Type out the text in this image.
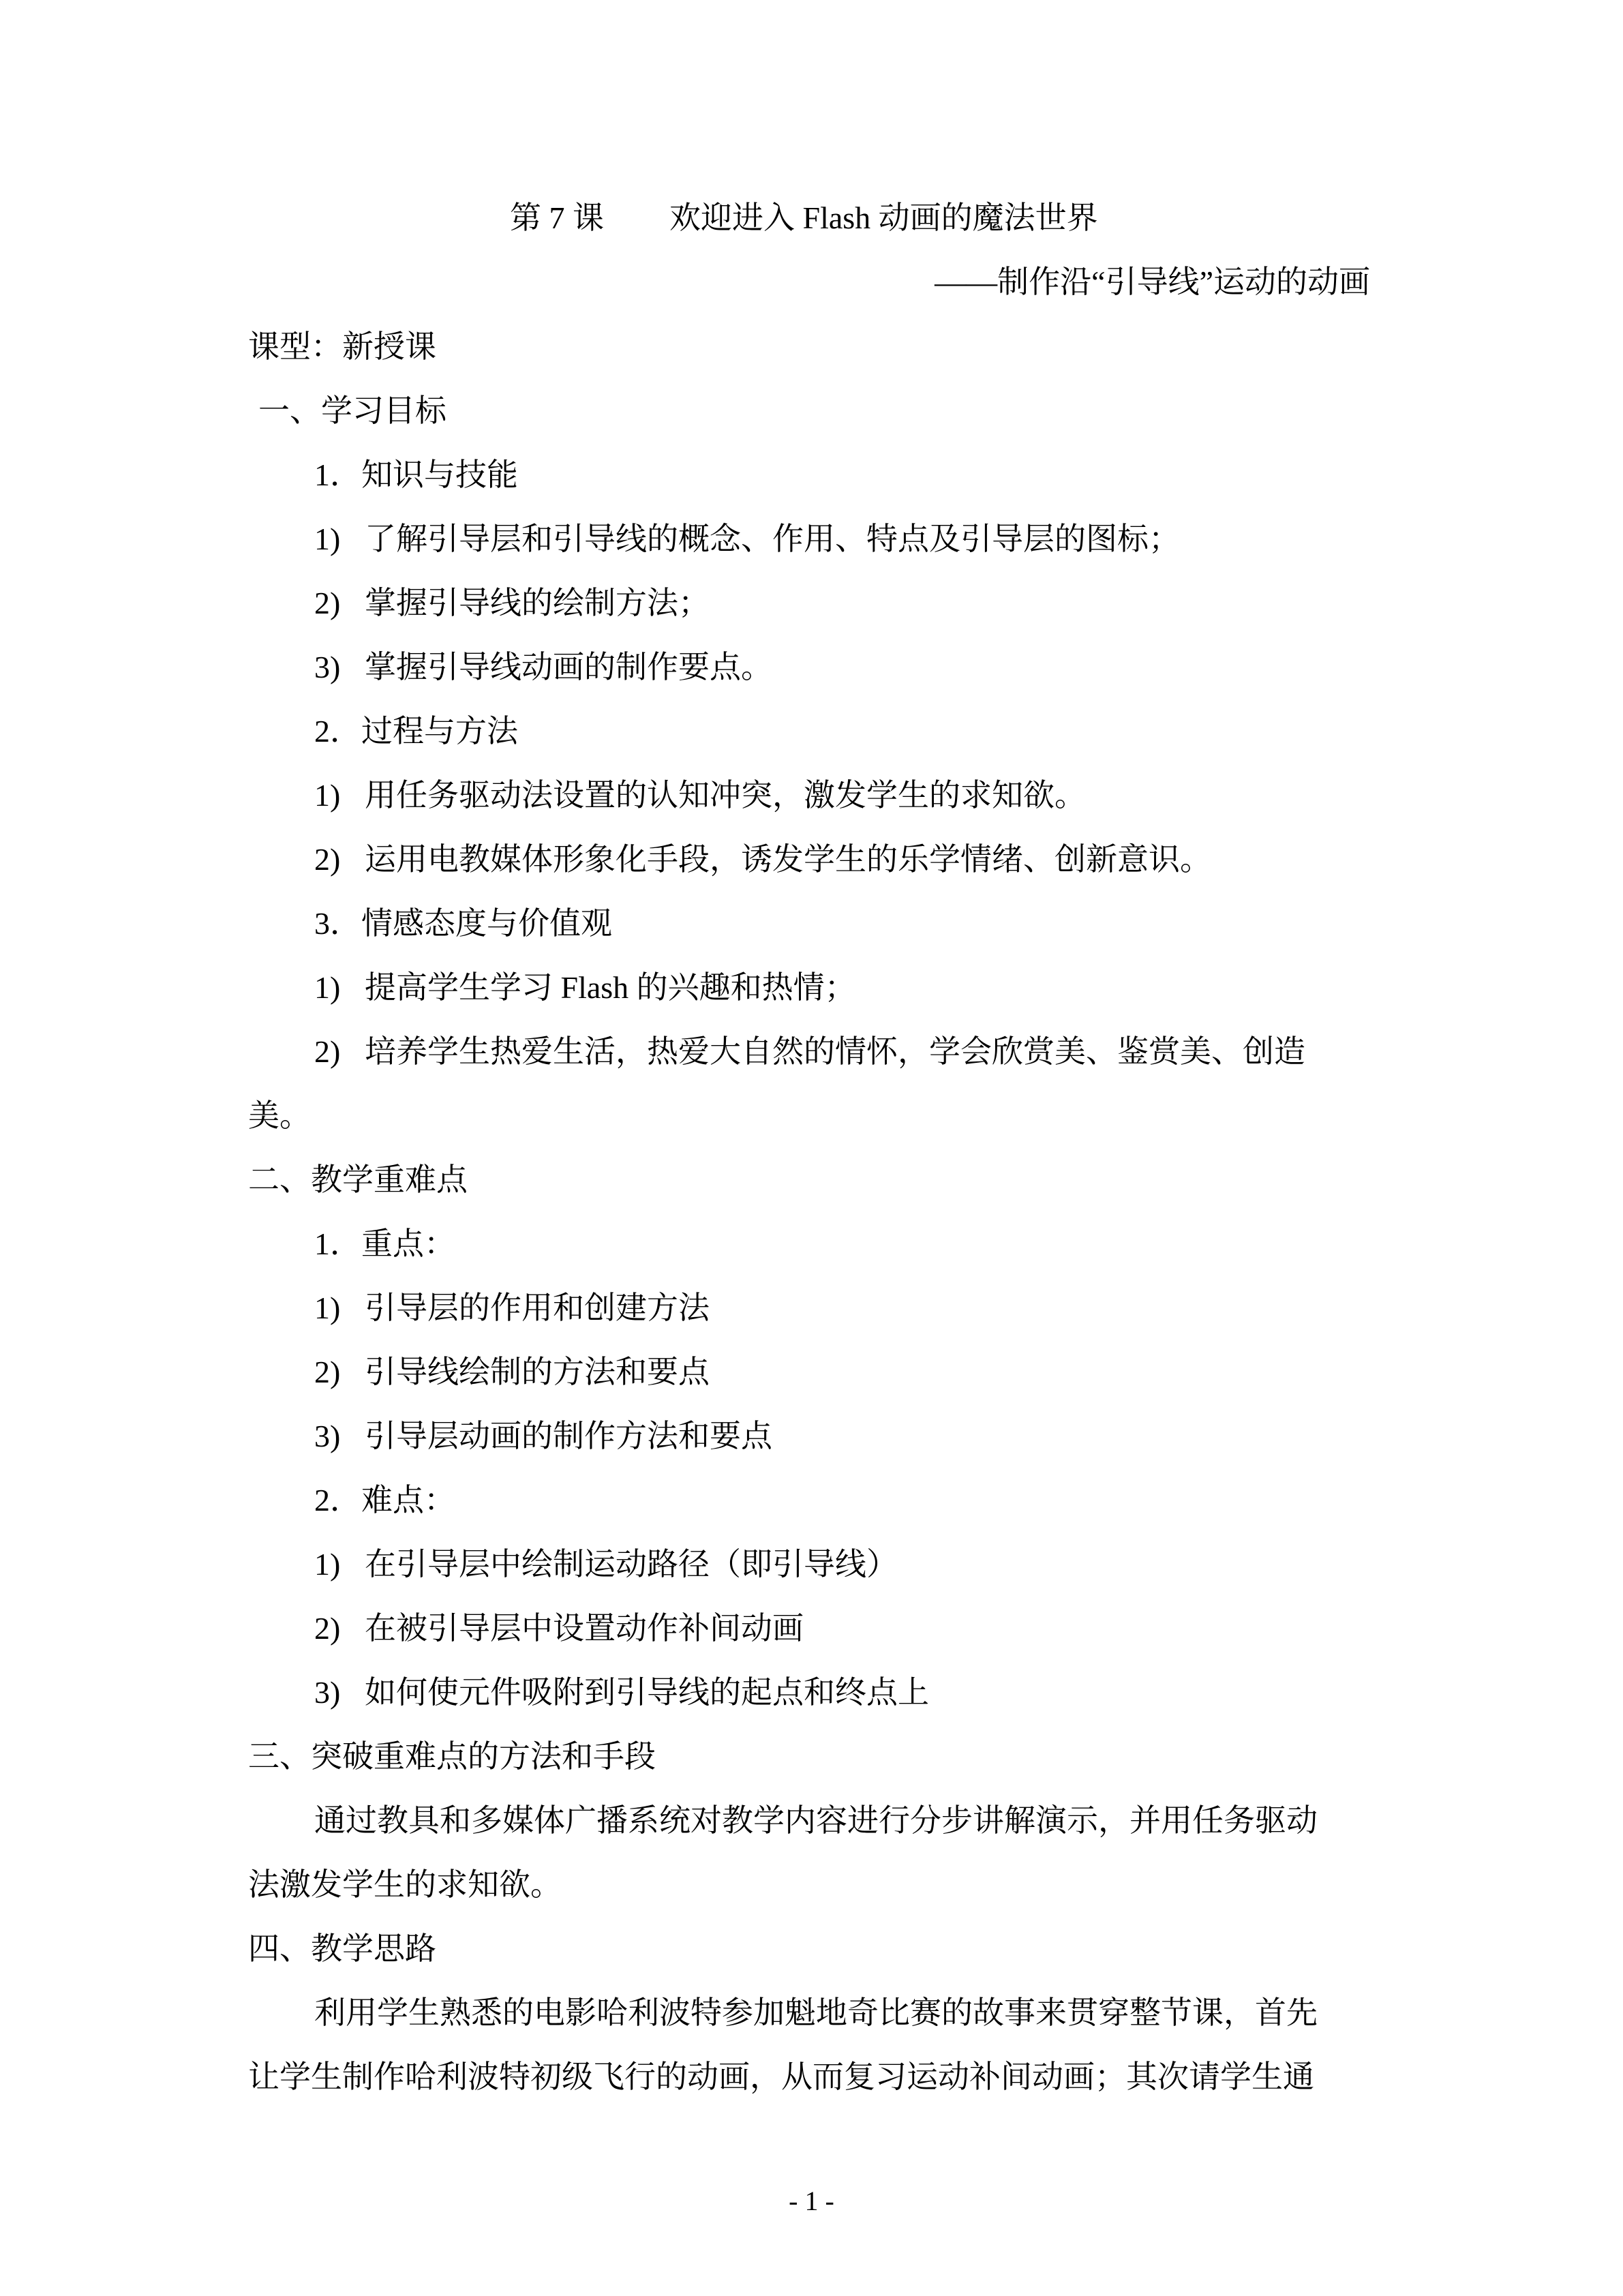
第 7 课 欢迎进入 Flash 动画的魔法世界
——制作沿“引导线”运动的动画
课型：新授课
一、学习目标
1．知识与技能
1) 了解引导层和引导线的概念、作用、特点及引导层的图标；
2) 掌握引导线的绘制方法；
3) 掌握引导线动画的制作要点。
2．过程与方法
1) 用任务驱动法设置的认知冲突，激发学生的求知欲。
2) 运用电教媒体形象化手段，诱发学生的乐学情绪、创新意识。
3．情感态度与价值观
1) 提高学生学习 Flash 的兴趣和热情；
2) 培养学生热爱生活，热爱大自然的情怀，学会欣赏美、鉴赏美、创造
美。
二、教学重难点
1．重点：
1) 引导层的作用和创建方法
2) 引导线绘制的方法和要点
3) 引导层动画的制作方法和要点
2．难点：
1) 在引导层中绘制运动路径（即引导线）
2) 在被引导层中设置动作补间动画
3) 如何使元件吸附到引导线的起点和终点上
三、突破重难点的方法和手段
通过教具和多媒体广播系统对教学内容进行分步讲解演示，并用任务驱动
法激发学生的求知欲。
四、教学思路
利用学生熟悉的电影哈利波特参加魁地奇比赛的故事来贯穿整节课，首先
让学生制作哈利波特初级飞行的动画，从而复习运动补间动画；其次请学生通
- 1 -
